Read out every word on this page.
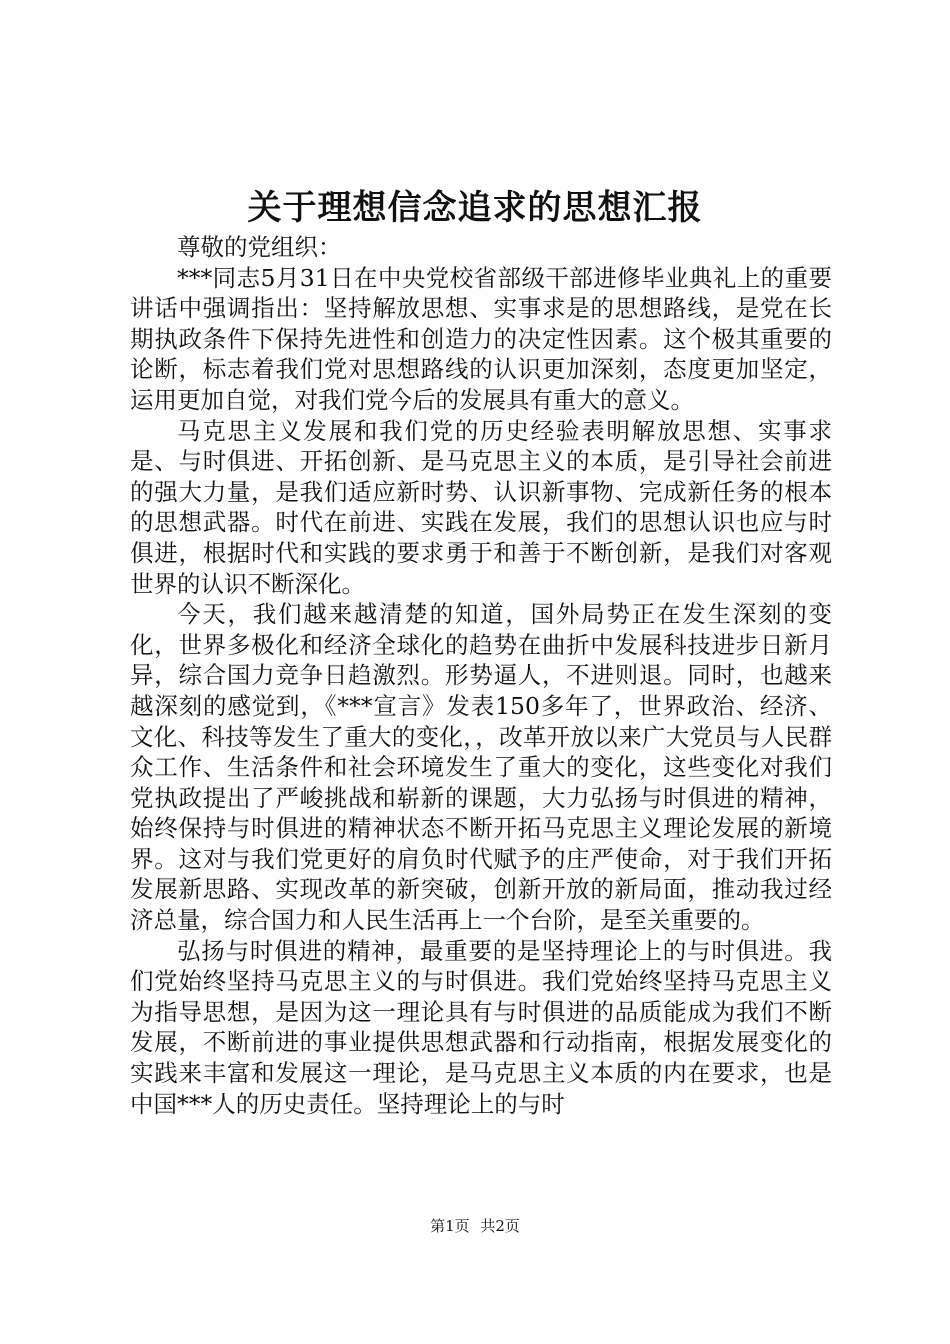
关于理想信念追求的思想汇报

尊敬的党组织：

***同志5月31日在中央党校省部级干部进修毕业典礼上的重要讲话中强调指出：坚持解放思想、实事求是的思想路线，是党在长期执政条件下保持先进性和创造力的决定性因素。这个极其重要的论断，标志着我们党对思想路线的认识更加深刻，态度更加坚定，运用更加自觉，对我们党今后的发展具有重大的意义。

马克思主义发展和我们党的历史经验表明解放思想、实事求是、与时俱进、开拓创新、是马克思主义的本质，是引导社会前进的强大力量，是我们适应新时势、认识新事物、完成新任务的根本的思想武器。时代在前进、实践在发展，我们的思想认识也应与时俱进，根据时代和实践的要求勇于和善于不断创新，是我们对客观世界的认识不断深化。

今天，我们越来越清楚的知道，国外局势正在发生深刻的变化，世界多极化和经济全球化的趋势在曲折中发展科技进步日新月异，综合国力竞争日趋激烈。形势逼人，不进则退。同时，也越来越深刻的感觉到，《***宣言》发表150多年了，世界政治、经济、文化、科技等发生了重大的变化，，改革开放以来广大党员与人民群众工作、生活条件和社会环境发生了重大的变化，这些变化对我们党执政提出了严峻挑战和崭新的课题，大力弘扬与时俱进的精神，始终保持与时俱进的精神状态不断开拓马克思主义理论发展的新境界。这对与我们党更好的肩负时代赋予的庄严使命，对于我们开拓发展新思路、实现改革的新突破，创新开放的新局面，推动我过经济总量，综合国力和人民生活再上一个台阶，是至关重要的。

弘扬与时俱进的精神，最重要的是坚持理论上的与时俱进。我们党始终坚持马克思主义的与时俱进。我们党始终坚持马克思主义为指导思想，是因为这一理论具有与时俱进的品质能成为我们不断发展，不断前进的事业提供思想武器和行动指南，根据发展变化的实践来丰富和发展这一理论，是马克思主义本质的内在要求，也是中国***人的历史责任。坚持理论上的与时

第1页 共2页
